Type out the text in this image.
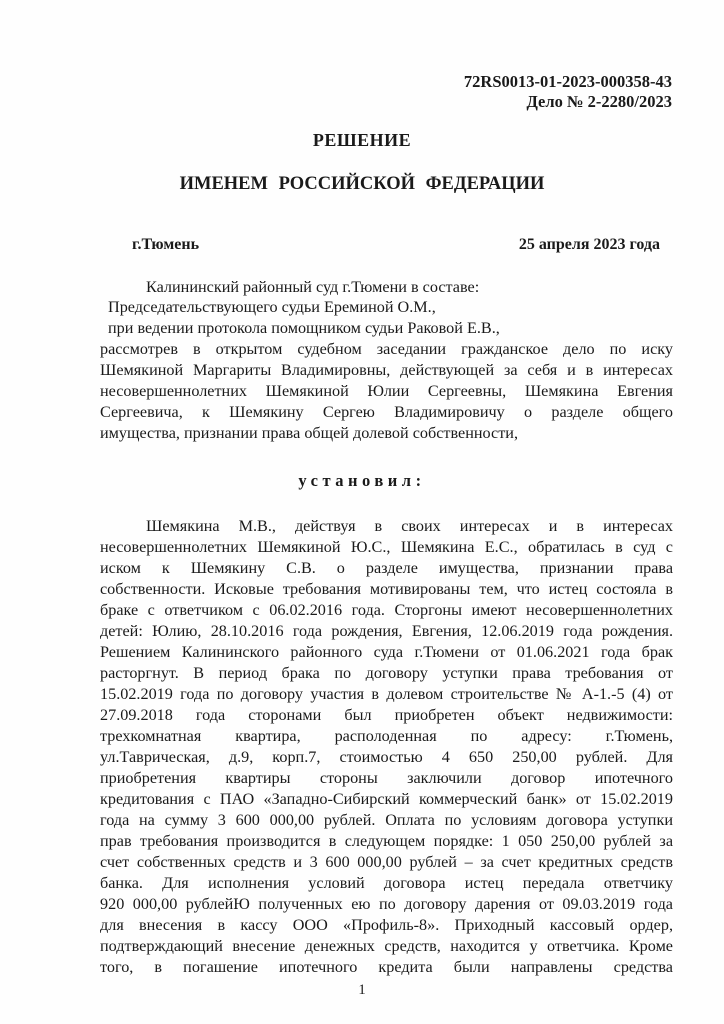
72RS0013-01-2023-000358-43
Дело № 2-2280/2023
РЕШЕНИЕ
ИМЕНЕМ РОССИЙСКОЙ ФЕДЕРАЦИИ
г.Тюмень	25 апреля 2023 года
Калининский районный суд г.Тюмени в составе:
Председательствующего судьи Ереминой О.М.,
при ведении протокола помощником судьи Раковой Е.В.,
рассмотрев в открытом судебном заседании гражданское дело по иску
Шемякиной Маргариты Владимировны, действующей за себя и в интересах
несовершеннолетних Шемякиной Юлии Сергеевны, Шемякина Евгения
Сергеевича, к Шемякину Сергею Владимировичу о разделе общего
имущества, признании права общей долевой собственности,
установил:
Шемякина М.В., действуя в своих интересах и в интересах
несовершеннолетних Шемякиной Ю.С., Шемякина Е.С., обратилась в суд с
иском к Шемякину С.В. о разделе имущества, признании права
собственности. Исковые требования мотивированы тем, что истец состояла в
браке с ответчиком с 06.02.2016 года. Сторгоны имеют несовершеннолетних
детей: Юлию, 28.10.2016 года рождения, Евгения, 12.06.2019 года рождения.
Решением Калининского районного суда г.Тюмени от 01.06.2021 года брак
расторгнут. В период брака по договору уступки права требования от
15.02.2019 года по договору участия в долевом строительстве № А-1.-5 (4) от
27.09.2018 года сторонами был приобретен объект недвижимости:
трехкомнатная квартира, располоденная по адресу: г.Тюмень,
ул.Таврическая, д.9, корп.7, стоимостью 4 650 250,00 рублей. Для
приобретения квартиры стороны заключили договор ипотечного
кредитования с ПАО «Западно-Сибирский коммерческий банк» от 15.02.2019
года на сумму 3 600 000,00 рублей. Оплата по условиям договора уступки
прав требования производится в следующем порядке: 1 050 250,00 рублей за
счет собственных средств и 3 600 000,00 рублей – за счет кредитных средств
банка. Для исполнения условий договора истец передала ответчику
920 000,00 рублейЮ полученных ею по договору дарения от 09.03.2019 года
для внесения в кассу ООО «Профиль-8». Приходный кассовый ордер,
подтверждающий внесение денежных средств, находится у ответчика. Кроме
того, в погашение ипотечного кредита были направлены средства
1
